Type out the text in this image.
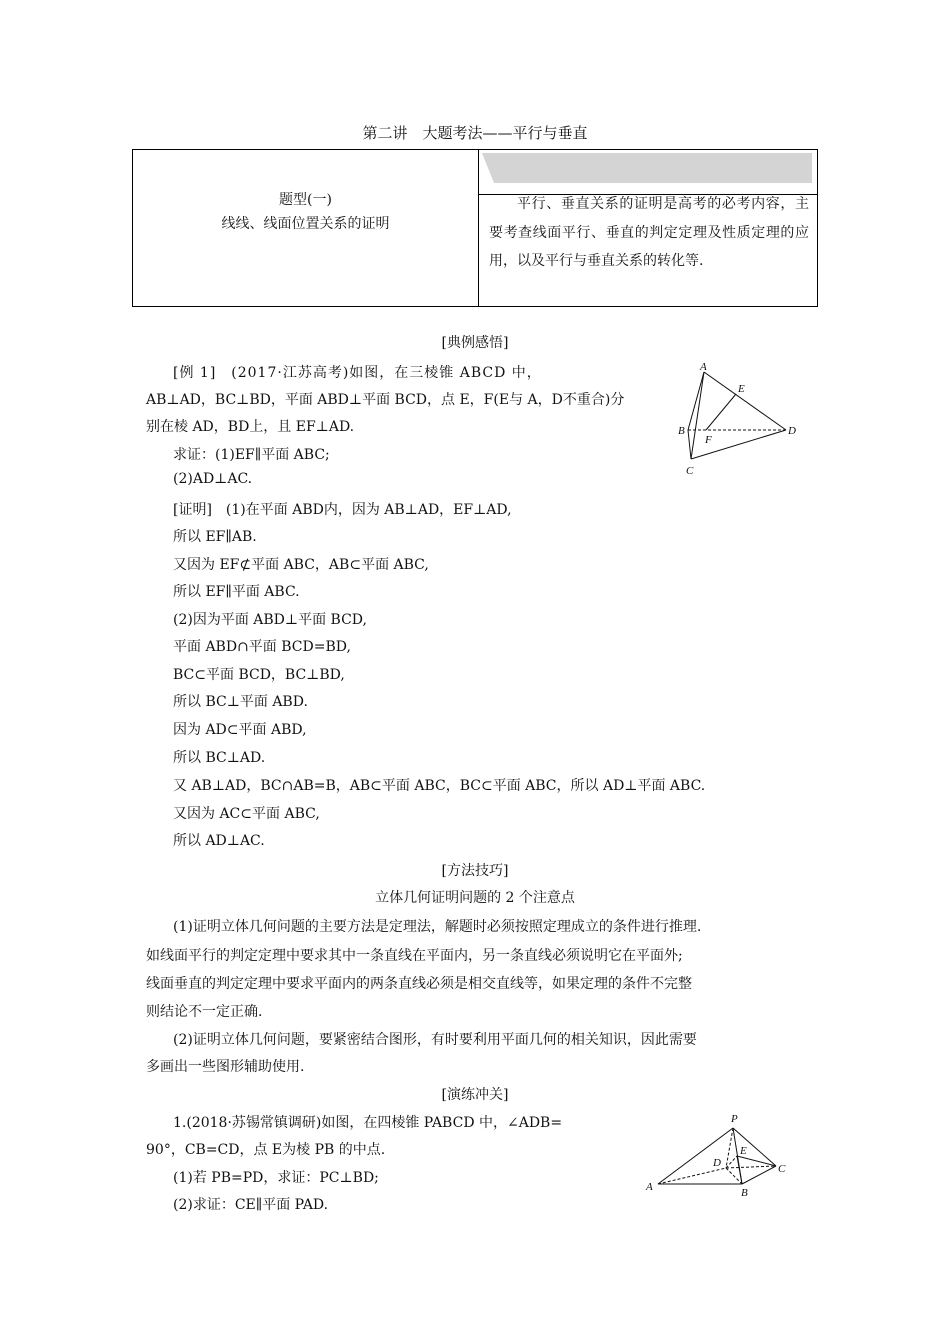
第二讲　大题考法——平行与垂直
题型(一)
线线、线面位置关系的证明
平行、垂直关系的证明是高考的必考内容，主要考查线面平行、垂直的判定定理及性质定理的应用，以及平行与垂直关系的转化等.
[典例感悟]
[例 1]　(2017·江苏高考)如图，在三棱锥 ABCD 中，
AB⊥AD，BC⊥BD，平面 ABD⊥平面 BCD，点 E，F(E与 A，D不重合)分
别在棱 AD，BD上，且 EF⊥AD.
求证：(1)EF∥平面 ABC;
(2)AD⊥AC.
[证明]　(1)在平面 ABD内，因为 AB⊥AD，EF⊥AD,
所以 EF∥AB.
又因为 EF⊄平面 ABC，AB⊂平面 ABC,
所以 EF∥平面 ABC.
(2)因为平面 ABD⊥平面 BCD,
平面 ABD∩平面 BCD=BD,
BC⊂平面 BCD，BC⊥BD,
所以 BC⊥平面 ABD.
因为 AD⊂平面 ABD,
所以 BC⊥AD.
又 AB⊥AD，BC∩AB=B，AB⊂平面 ABC，BC⊂平面 ABC，所以 AD⊥平面 ABC.
又因为 AC⊂平面 ABC,
所以 AD⊥AC.
A
E
B
F
D
C
[方法技巧]
立体几何证明问题的 2 个注意点
(1)证明立体几何问题的主要方法是定理法，解题时必须按照定理成立的条件进行推理.
如线面平行的判定定理中要求其中一条直线在平面内，另一条直线必须说明它在平面外;
线面垂直的判定定理中要求平面内的两条直线必须是相交直线等，如果定理的条件不完整
则结论不一定正确.
(2)证明立体几何问题，要紧密结合图形，有时要利用平面几何的相关知识，因此需要
多画出一些图形辅助使用.
[演练冲关]
1.(2018·苏锡常镇调研)如图，在四棱锥 PABCD 中，∠ADB=
90°，CB=CD，点 E为棱 PB 的中点.
(1)若 PB=PD，求证：PC⊥BD;
(2)求证：CE∥平面 PAD.
P
E
D	C
A	B
